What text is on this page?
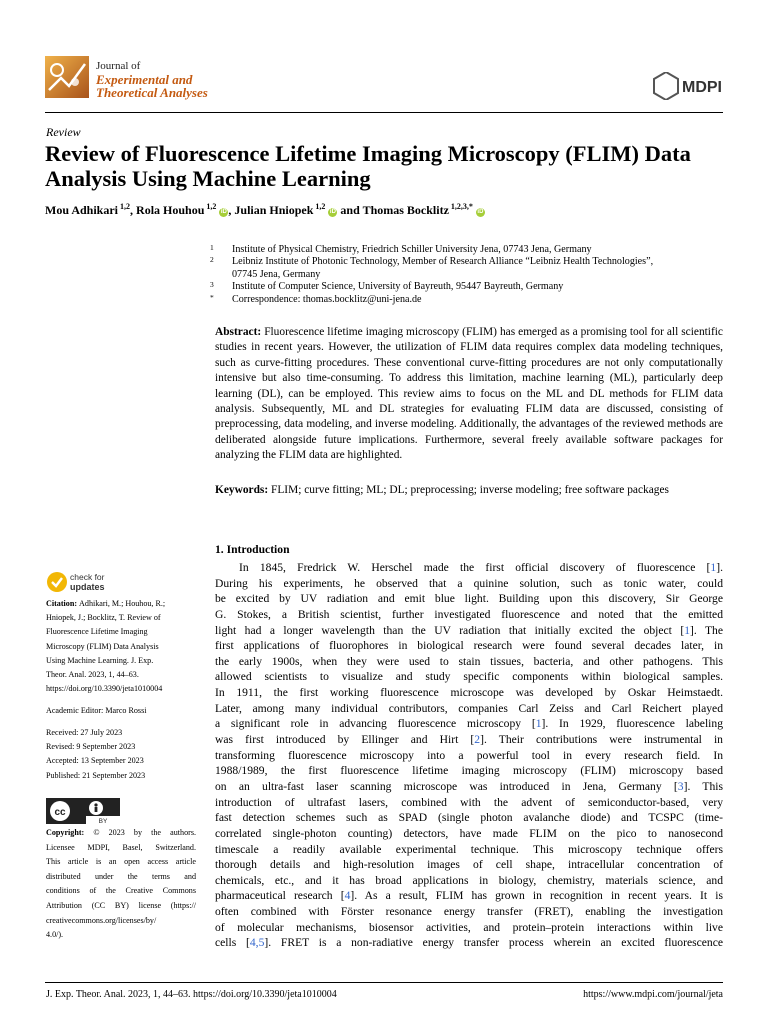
Journal of
Experimental and
Theoretical Analyses	MDPI
Review
Review of Fluorescence Lifetime Imaging Microscopy (FLIM) Data Analysis Using Machine Learning
Mou Adhikari $^{1,2}$, Rola Houhou $^{1,2}$ iD , Julian Hniopek $^{1,2}$ iD and Thomas Bocklitz $^{1,2,3,*}$ iD
1 Institute of Physical Chemistry, Friedrich Schiller University Jena, 07743 Jena, Germany
2 Leibniz Institute of Photonic Technology, Member of Research Alliance “Leibniz Health Technologies”,
07745 Jena, Germany
3 Institute of Computer Science, University of Bayreuth, 95447 Bayreuth, Germany
* Correspondence: thomas.bocklitz@uni-jena.de
Abstract: Fluorescence lifetime imaging microscopy (FLIM) has emerged as a promising tool for all scientific studies in recent years. However, the utilization of FLIM data requires complex data modeling techniques, such as curve-fitting procedures. These conventional curve-fitting procedures are not only computationally intensive but also time-consuming. To address this limitation, machine learning (ML), particularly deep learning (DL), can be employed. This review aims to focus on the ML and DL methods for FLIM data analysis. Subsequently, ML and DL strategies for evaluating FLIM data are discussed, consisting of preprocessing, data modeling, and inverse modeling. Additionally, the advantages of the reviewed methods are deliberated alongside future implications. Furthermore, several freely available software packages for analyzing the FLIM data are highlighted.
Keywords: FLIM; curve fitting; ML; DL; preprocessing; inverse modeling; free software packages
1. Introduction
In 1845, Fredrick W. Herschel made the first official discovery of fluorescence [1].
During his experiments, he observed that a quinine solution, such as tonic water, could
be excited by UV radiation and emit blue light. Building upon this discovery, Sir George
G. Stokes, a British scientist, further investigated fluorescence and noted that the emitted
light had a longer wavelength than the UV radiation that initially excited the object [1]. The
first applications of fluorophores in biological research were found several decades later, in
the early 1900s, when they were used to stain tissues, bacteria, and other pathogens. This
allowed scientists to visualize and study specific components within biological samples.
In 1911, the first working fluorescence microscope was developed by Oskar Heimstaedt.
Later, among many individual contributors, companies Carl Zeiss and Carl Reichert played
a significant role in advancing fluorescence microscopy [1]. In 1929, fluorescence labeling
was first introduced by Ellinger and Hirt [2]. Their contributions were instrumental in
transforming fluorescence microscopy into a powerful tool in every research field. In
1988/1989, the first fluorescence lifetime imaging microscopy (FLIM) microscopy based
on an ultra-fast laser scanning microscope was introduced in Jena, Germany [3]. This
introduction of ultrafast lasers, combined with the advent of semiconductor-based, very
fast detection schemes such as SPAD (single photon avalanche diode) and TCSPC (time-
correlated single-photon counting) detectors, have made FLIM on the pico to nanosecond
timescale a readily available experimental technique. This microscopy technique offers
thorough details and high-resolution images of cell shape, intracellular concentration of
chemicals, etc., and it has broad applications in biology, chemistry, materials science, and
pharmaceutical research [4]. As a result, FLIM has grown in recognition in recent years. It is
often combined with Förster resonance energy transfer (FRET), enabling the investigation
of molecular mechanisms, biosensor activities, and protein–protein interactions within live
cells [4,5]. FRET is a non-radiative energy transfer process wherein an excited fluorescence
check for
updates
Citation: Adhikari, M.; Houhou, R.;
Hniopek, J.; Bocklitz, T. Review of
Fluorescence Lifetime Imaging
Microscopy (FLIM) Data Analysis
Using Machine Learning. J. Exp.
Theor. Anal. 2023, 1, 44–63.
https://doi.org/10.3390/jeta1010004
Academic Editor: Marco Rossi
Received: 27 July 2023
Revised: 9 September 2023
Accepted: 13 September 2023
Published: 21 September 2023
cc
BY
Copyright: © 2023 by the authors.
Licensee MDPI, Basel, Switzerland.
This article is an open access article
distributed under the terms and
conditions of the Creative Commons
Attribution (CC BY) license (https://
creativecommons.org/licenses/by/
4.0/).
J. Exp. Theor. Anal. 2023, 1, 44–63. https://doi.org/10.3390/jeta1010004	https://www.mdpi.com/journal/jeta
